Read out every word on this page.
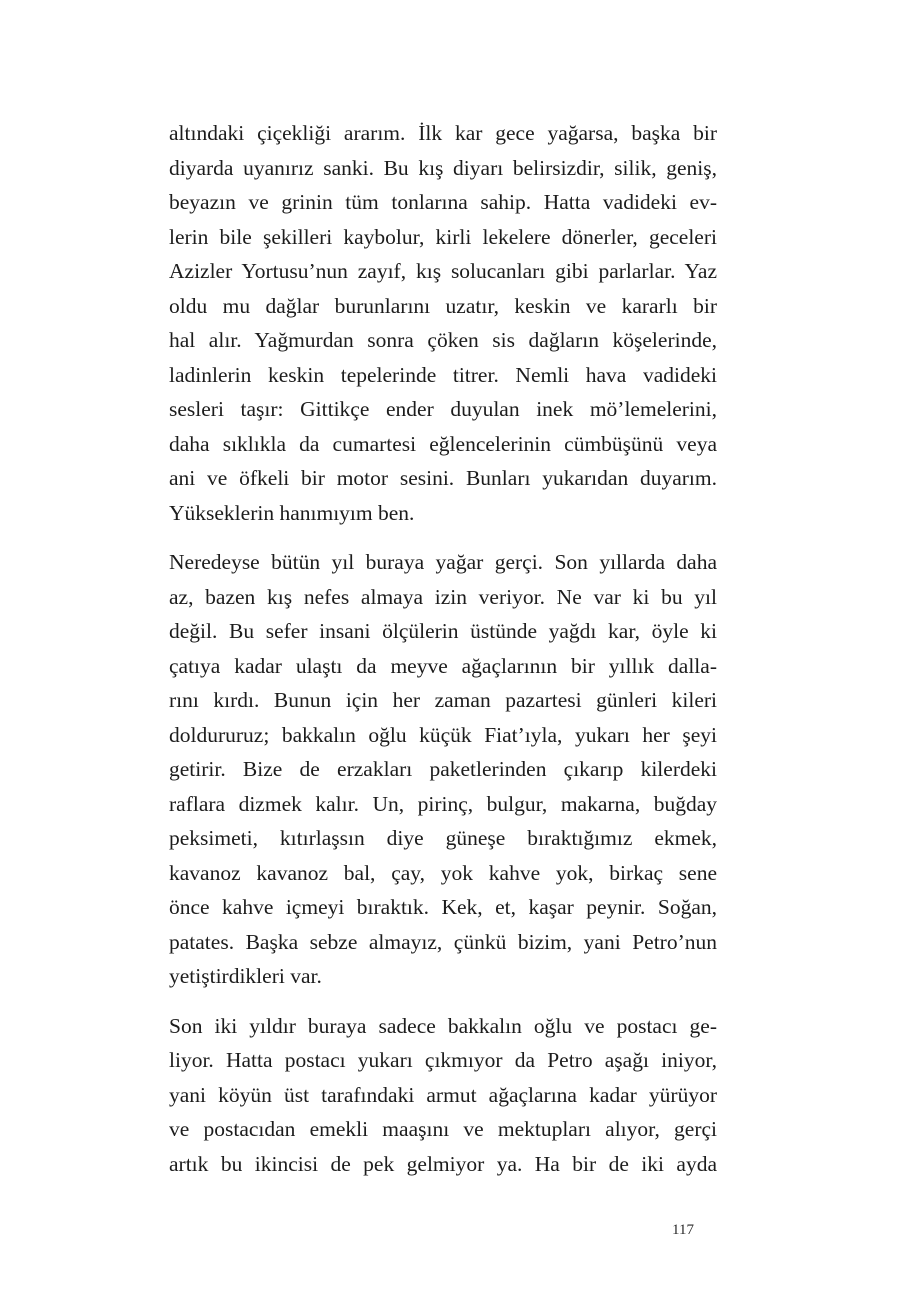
altındaki çiçekliği ararım. İlk kar gece yağarsa, başka bir
diyarda uyanırız sanki. Bu kış diyarı belirsizdir, silik, geniş,
beyazın ve grinin tüm tonlarına sahip. Hatta vadideki ev-
lerin bile şekilleri kaybolur, kirli lekelere dönerler, geceleri
Azizler Yortusu’nun zayıf, kış solucanları gibi parlarlar. Yaz
oldu mu dağlar burunlarını uzatır, keskin ve kararlı bir
hal alır. Yağmurdan sonra çöken sis dağların köşelerinde,
ladinlerin keskin tepelerinde titrer. Nemli hava vadideki
sesleri taşır: Gittikçe ender duyulan inek mö’lemelerini,
daha sıklıkla da cumartesi eğlencelerinin cümbüşünü veya
ani ve öfkeli bir motor sesini. Bunları yukarıdan duyarım.
Yükseklerin hanımıyım ben.
Neredeyse bütün yıl buraya yağar gerçi. Son yıllarda daha
az, bazen kış nefes almaya izin veriyor. Ne var ki bu yıl
değil. Bu sefer insani ölçülerin üstünde yağdı kar, öyle ki
çatıya kadar ulaştı da meyve ağaçlarının bir yıllık dalla-
rını kırdı. Bunun için her zaman pazartesi günleri kileri
doldururuz; bakkalın oğlu küçük Fiat’ıyla, yukarı her şeyi
getirir. Bize de erzakları paketlerinden çıkarıp kilerdeki
raflara dizmek kalır. Un, pirinç, bulgur, makarna, buğday
peksimeti, kıtırlaşsın diye güneşe bıraktığımız ekmek,
kavanoz kavanoz bal, çay, yok kahve yok, birkaç sene
önce kahve içmeyi bıraktık. Kek, et, kaşar peynir. Soğan,
patates. Başka sebze almayız, çünkü bizim, yani Petro’nun
yetiştirdikleri var.
Son iki yıldır buraya sadece bakkalın oğlu ve postacı ge-
liyor. Hatta postacı yukarı çıkmıyor da Petro aşağı iniyor,
yani köyün üst tarafındaki armut ağaçlarına kadar yürüyor
ve postacıdan emekli maaşını ve mektupları alıyor, gerçi
artık bu ikincisi de pek gelmiyor ya. Ha bir de iki ayda
117
